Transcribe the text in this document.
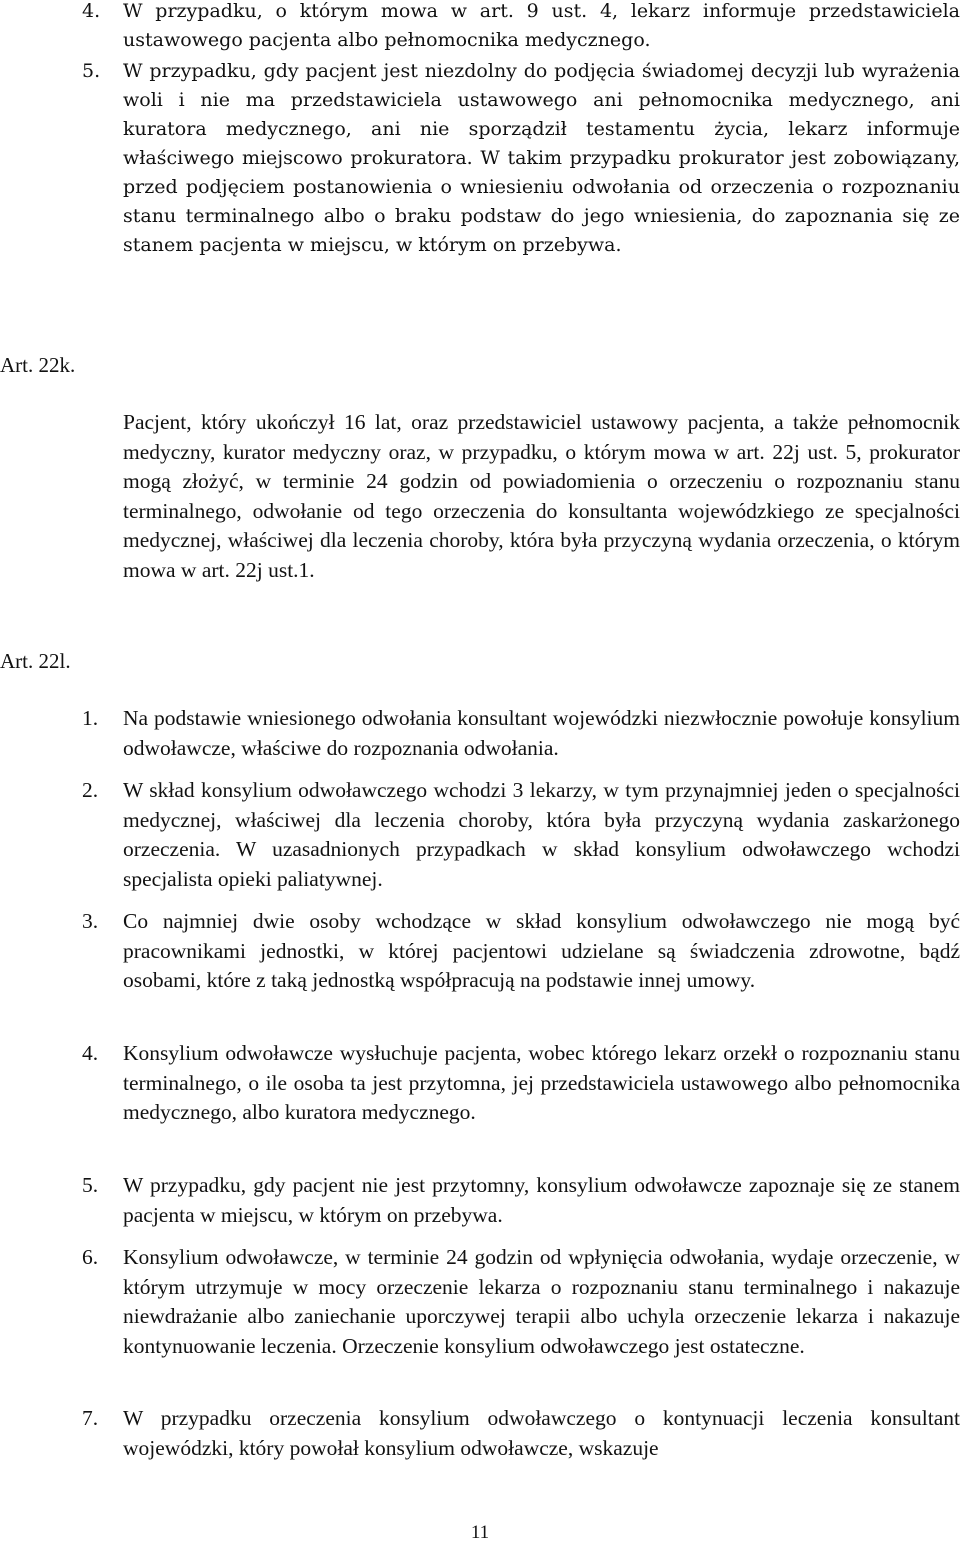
4.	W przypadku, o którym mowa w art. 9 ust. 4, lekarz informuje przedstawiciela ustawowego pacjenta albo pełnomocnika medycznego.
5.	W przypadku, gdy pacjent jest niezdolny do podjęcia świadomej decyzji lub wyrażenia woli i nie ma przedstawiciela ustawowego ani pełnomocnika medycznego, ani kuratora medycznego, ani nie sporządził testamentu życia, lekarz informuje właściwego miejscowo prokuratora. W takim przypadku prokurator jest zobowiązany, przed podjęciem postanowienia o wniesieniu odwołania od orzeczenia o rozpoznaniu stanu terminalnego albo o braku podstaw do jego wniesienia, do zapoznania się ze stanem pacjenta w miejscu, w którym on przebywa.
Art. 22k.
Pacjent, który ukończył 16 lat, oraz przedstawiciel ustawowy pacjenta, a także pełnomocnik medyczny, kurator medyczny oraz, w przypadku, o którym mowa w art. 22j ust. 5, prokurator mogą złożyć, w terminie 24 godzin od powiadomienia o orzeczeniu o rozpoznaniu stanu terminalnego, odwołanie od tego orzeczenia do konsultanta wojewódzkiego ze specjalności medycznej, właściwej dla leczenia choroby, która była przyczyną wydania orzeczenia, o którym mowa w art. 22j ust.1.
Art. 22l.
1.	Na podstawie wniesionego odwołania konsultant wojewódzki niezwłocznie powołuje konsylium odwoławcze, właściwe do rozpoznania odwołania.
2.	W skład konsylium odwoławczego wchodzi 3 lekarzy, w tym przynajmniej jeden o specjalności medycznej, właściwej dla leczenia choroby, która była przyczyną wydania zaskarżonego orzeczenia. W uzasadnionych przypadkach w skład konsylium odwoławczego wchodzi specjalista opieki paliatywnej.
3.	Co najmniej dwie osoby wchodzące w skład konsylium odwoławczego nie mogą być pracownikami jednostki, w której pacjentowi udzielane są świadczenia zdrowotne, bądź osobami, które z taką jednostką współpracują na podstawie innej umowy.
4.	Konsylium odwoławcze wysłuchuje pacjenta, wobec którego lekarz orzekł o rozpoznaniu stanu terminalnego, o ile osoba ta jest przytomna, jej przedstawiciela ustawowego albo pełnomocnika medycznego, albo kuratora medycznego.
5.	W przypadku, gdy pacjent nie jest przytomny, konsylium odwoławcze zapoznaje się ze stanem pacjenta w miejscu, w którym on przebywa.
6.	Konsylium odwoławcze, w terminie 24 godzin od wpłynięcia odwołania, wydaje orzeczenie, w którym utrzymuje w mocy orzeczenie lekarza o rozpoznaniu stanu terminalnego i nakazuje niewdrażanie albo zaniechanie uporczywej terapii albo uchyla orzeczenie lekarza i nakazuje kontynuowanie leczenia. Orzeczenie konsylium odwoławczego jest ostateczne.
7.	W przypadku orzeczenia konsylium odwoławczego o kontynuacji leczenia konsultant wojewódzki, który powołał konsylium odwoławcze, wskazuje
11
